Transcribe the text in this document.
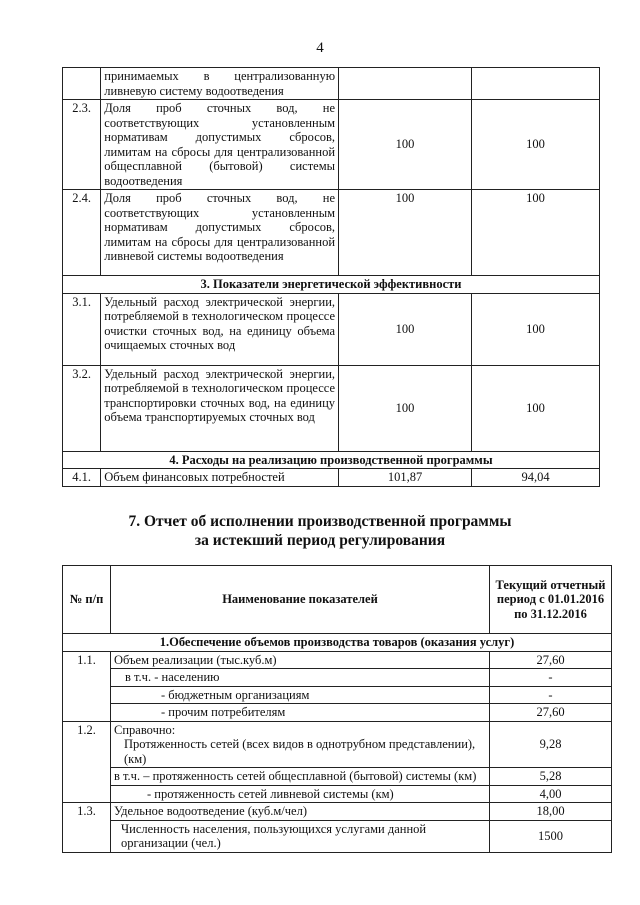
4
	принимаемых в централизованную ливневую систему водоотведения		
2.3.	Доля проб сточных вод, не соответствующих установленным нормативам допустимых сбросов, лимитам на сбросы для централизованной общесплавной (бытовой) системы водоотведения	100	100
2.4.	Доля проб сточных вод, не соответствующих установленным нормативам допустимых сбросов, лимитам на сбросы для централизованной ливневой системы водоотведения	100	100
3. Показатели энергетической эффективности			
3.1.	Удельный расход электрической энергии, потребляемой в технологическом процессе очистки сточных вод, на единицу объема очищаемых сточных вод	100	100
3.2.	Удельный расход электрической энергии, потребляемой в технологическом процессе транспортировки сточных вод, на единицу объема транспортируемых сточных вод	100	100
4. Расходы на реализацию производственной программы			
4.1.	Объем финансовых потребностей	101,87	94,04
7. Отчет об исполнении производственной программы
за истекший период регулирования
№ п/п	Наименование показателей	Текущий отчетный период с 01.01.2016 по 31.12.2016
1.Обеспечение объемов производства товаров (оказания услуг)		
1.1.	Объем реализации (тыс.куб.м)	27,60
	в т.ч. - населению	-
	- бюджетным организациям	-
	- прочим потребителям	27,60
1.2.	Справочно:
Протяженность сетей (всех видов в однотрубном представлении), (км)	9,28
	в т.ч. – протяженность сетей общесплавной (бытовой) системы (км)	5,28
	- протяженность сетей ливневой системы (км)	4,00
1.3.	Удельное водоотведение (куб.м/чел)	18,00
	Численность населения, пользующихся услугами данной организации (чел.)	1500
